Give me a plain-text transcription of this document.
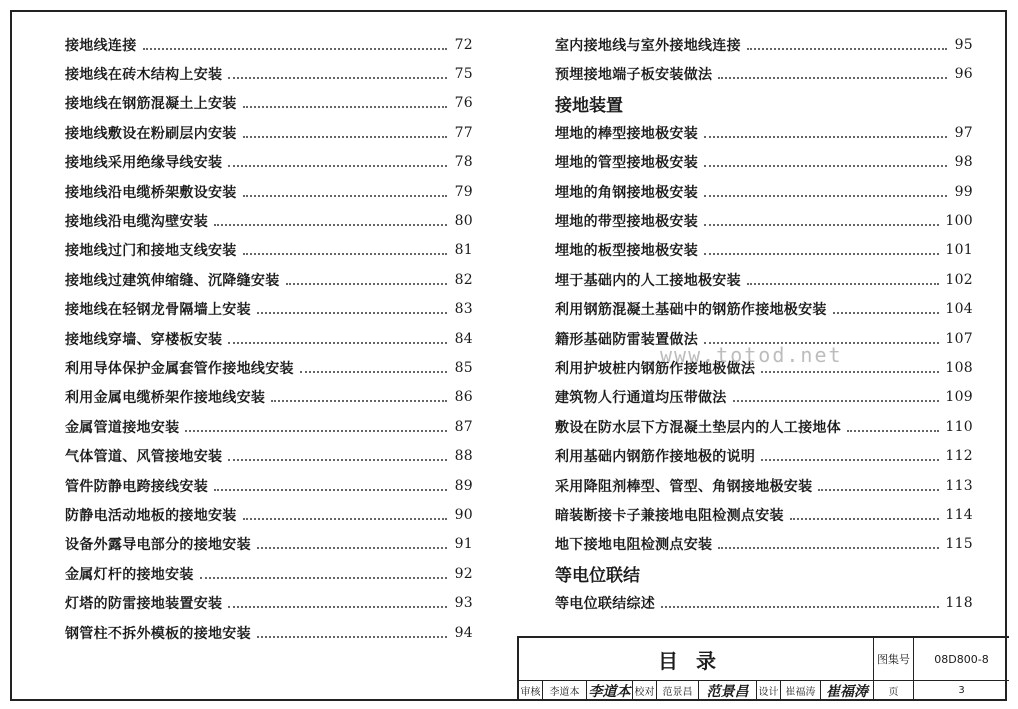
接地线连接	72
接地线在砖木结构上安装	75
接地线在钢筋混凝土上安装	76
接地线敷设在粉刷层内安装	77
接地线采用绝缘导线安装	78
接地线沿电缆桥架敷设安装	79
接地线沿电缆沟壁安装	80
接地线过门和接地支线安装	81
接地线过建筑伸缩缝、沉降缝安装	82
接地线在轻钢龙骨隔墙上安装	83
接地线穿墙、穿楼板安装	84
利用导体保护金属套管作接地线安装	85
利用金属电缆桥架作接地线安装	86
金属管道接地安装	87
气体管道、风管接地安装	88
管件防静电跨接线安装	89
防静电活动地板的接地安装	90
设备外露导电部分的接地安装	91
金属灯杆的接地安装	92
灯塔的防雷接地装置安装	93
钢管柱不拆外模板的接地安装	94
室内接地线与室外接地线连接	95
预埋接地端子板安装做法	96
接地装置
埋地的棒型接地极安装	97
埋地的管型接地极安装	98
埋地的角钢接地极安装	99
埋地的带型接地极安装	100
埋地的板型接地极安装	101
埋于基础内的人工接地极安装	102
利用钢筋混凝土基础中的钢筋作接地极安装	104
籍形基础防雷装置做法	107
利用护坡桩内钢筋作接地极做法	108
建筑物人行通道均压带做法	109
敷设在防水层下方混凝土垫层内的人工接地体	110
利用基础内钢筋作接地极的说明	112
采用降阻剂棒型、管型、角钢接地极安装	113
暗装断接卡子兼接地电阻检测点安装	114
地下接地电阻检测点安装	115
等电位联结
等电位联结综述	118
www.totod.net
目录	图集号	08D800-8
审核 李道本 李道本 校对 范景昌	范景昌	设计 崔福涛 崔福涛	页	3
